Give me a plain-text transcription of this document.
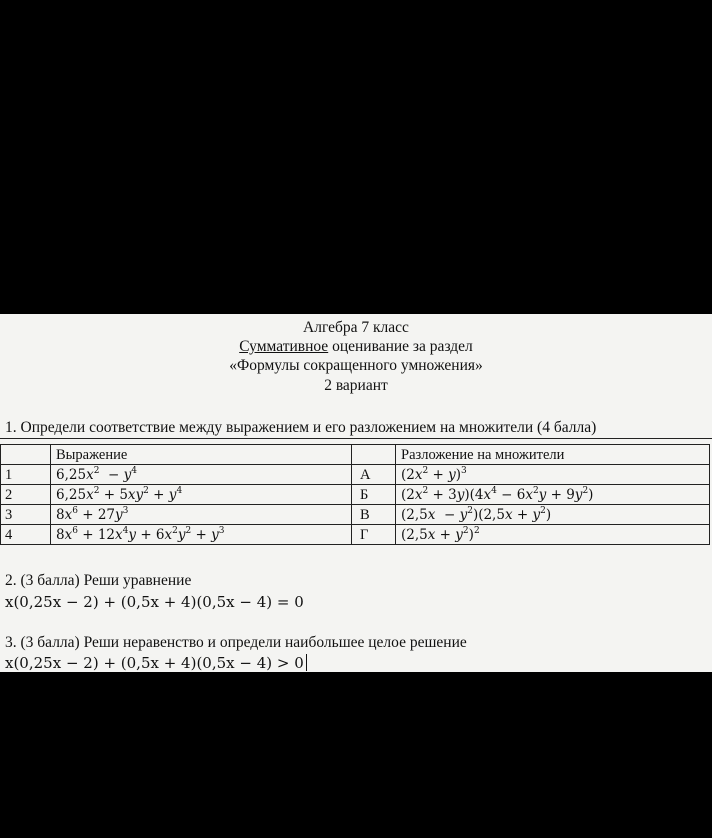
Алгебра 7 класс
Суммативное оценивание за раздел
«Формулы сокращенного умножения»
2 вариант
1. Определи соответствие между выражением и его разложением на множители (4 балла)
	Выражение		Разложение на множители
1	$6,25x^2 - y^4$	А	$(2x^2 + y)^3$
2	$6,25x^2 + 5xy^2 + y^4$	Б	$(2x^2 + 3y)(4x^4 - 6x^2y + 9y^2)$
3	$8x^6 + 27y^3$	В	$(2,5x - y^2)(2,5x + y^2)$
4	$8x^6 + 12x^4y + 6x^2y^2 + y^3$	Г	$(2,5x + y^2)^2$
2. (3 балла) Реши уравнение
x(0,25x − 2) + (0,5x + 4)(0,5x − 4) = 0
3. (3 балла) Реши неравенство и определи наибольшее целое решение
x(0,25x − 2) + (0,5x + 4)(0,5x − 4) > 0
